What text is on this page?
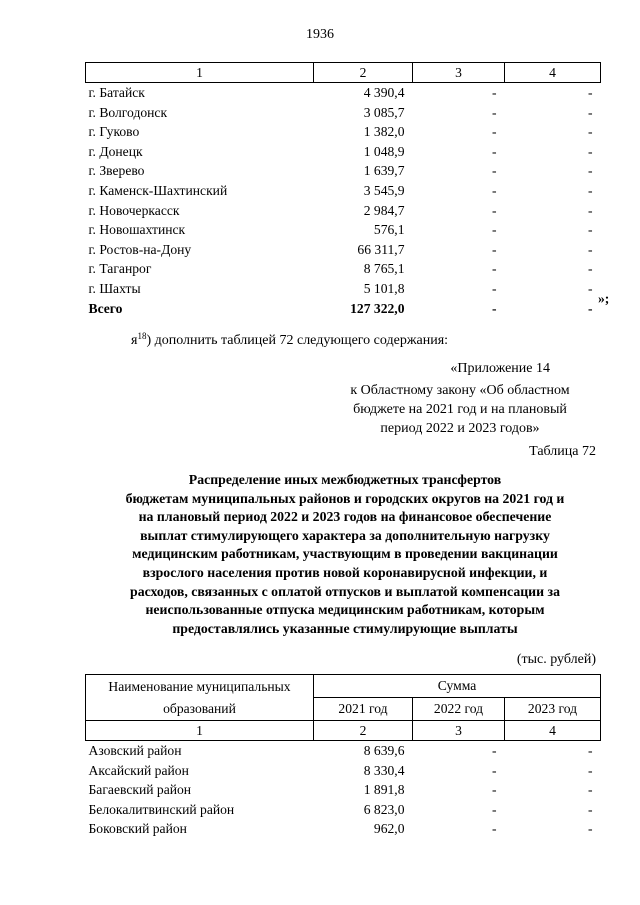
1936
1	2	3	4
г. Батайск	4 390,4	-	-
г. Волгодонск	3 085,7	-	-
г. Гуково	1 382,0	-	-
г. Донецк	1 048,9	-	-
г. Зверево	1 639,7	-	-
г. Каменск-Шахтинский	3 545,9	-	-
г. Новочеркасск	2 984,7	-	-
г. Новошахтинск	576,1	-	-
г. Ростов-на-Дону	66 311,7	-	-
г. Таганрог	8 765,1	-	-
г. Шахты	5 101,8	-	-
Всего	127 322,0	-	-
»;
$я^{18}$) дополнить таблицей 72 следующего содержания:
«Приложение 14
к Областному закону «Об областном
бюджете на 2021 год и на плановый
период 2022 и 2023 годов»
Таблица 72
Распределение иных межбюджетных трансфертов
бюджетам муниципальных районов и городских округов на 2021 год и
на плановый период 2022 и 2023 годов на финансовое обеспечение
выплат стимулирующего характера за дополнительную нагрузку
медицинским работникам, участвующим в проведении вакцинации
взрослого населения против новой коронавирусной инфекции, и
расходов, связанных с оплатой отпусков и выплатой компенсации за
неиспользованные отпуска медицинским работникам, которым
предоставлялись указанные стимулирующие выплаты
(тыс. рублей)
Наименование муниципальных образований	Сумма		
	2021 год	2022 год	2023 год
1	2	3	4
Азовский район	8 639,6	-	-
Аксайский район	8 330,4	-	-
Багаевский район	1 891,8	-	-
Белокалитвинский район	6 823,0	-	-
Боковский район	962,0	-	-
